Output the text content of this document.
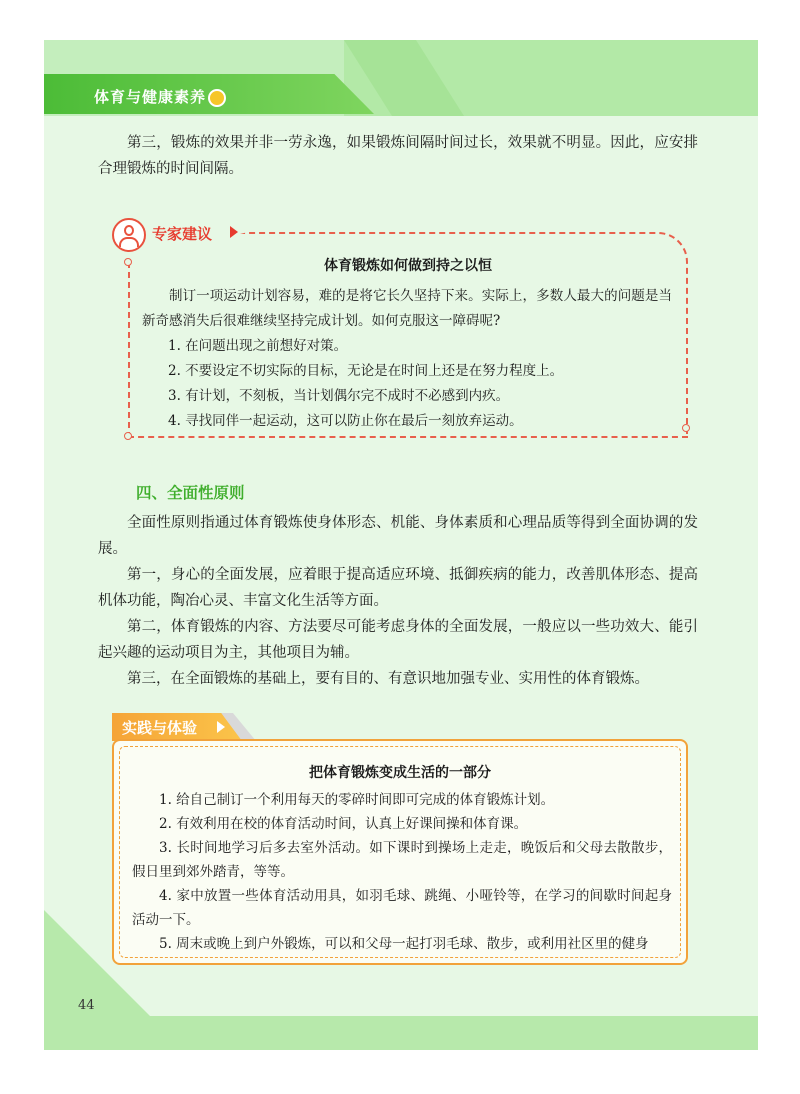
体育与健康素养
44

第三，锻炼的效果并非一劳永逸，如果锻炼间隔时间过长，效果就不明显。因此，应安排合理锻炼的时间间隔。

专家建议
体育锻炼如何做到持之以恒

制订一项运动计划容易，难的是将它长久坚持下来。实际上，多数人最大的问题是当新奇感消失后很难继续坚持完成计划。如何克服这一障碍呢?

1. 在问题出现之前想好对策。
2. 不要设定不切实际的目标，无论是在时间上还是在努力程度上。
3. 有计划，不刻板，当计划偶尔完不成时不必感到内疚。
4. 寻找同伴一起运动，这可以防止你在最后一刻放弃运动。
四、全面性原则

全面性原则指通过体育锻炼使身体形态、机能、身体素质和心理品质等得到全面协调的发展。

第一，身心的全面发展，应着眼于提高适应环境、抵御疾病的能力，改善肌体形态、提高机体功能，陶冶心灵、丰富文化生活等方面。

第二，体育锻炼的内容、方法要尽可能考虑身体的全面发展，一般应以一些功效大、能引起兴趣的运动项目为主，其他项目为辅。

第三，在全面锻炼的基础上，要有目的、有意识地加强专业、实用性的体育锻炼。

实践与体验
把体育锻炼变成生活的一部分
1. 给自己制订一个利用每天的零碎时间即可完成的体育锻炼计划。
2. 有效利用在校的体育活动时间，认真上好课间操和体育课。
3. 长时间地学习后多去室外活动。如下课时到操场上走走，晚饭后和父母去散散步，假日里到郊外踏青，等等。
4. 家中放置一些体育活动用具，如羽毛球、跳绳、小哑铃等，在学习的间歇时间起身活动一下。
5. 周末或晚上到户外锻炼，可以和父母一起打羽毛球、散步，或利用社区里的健身
